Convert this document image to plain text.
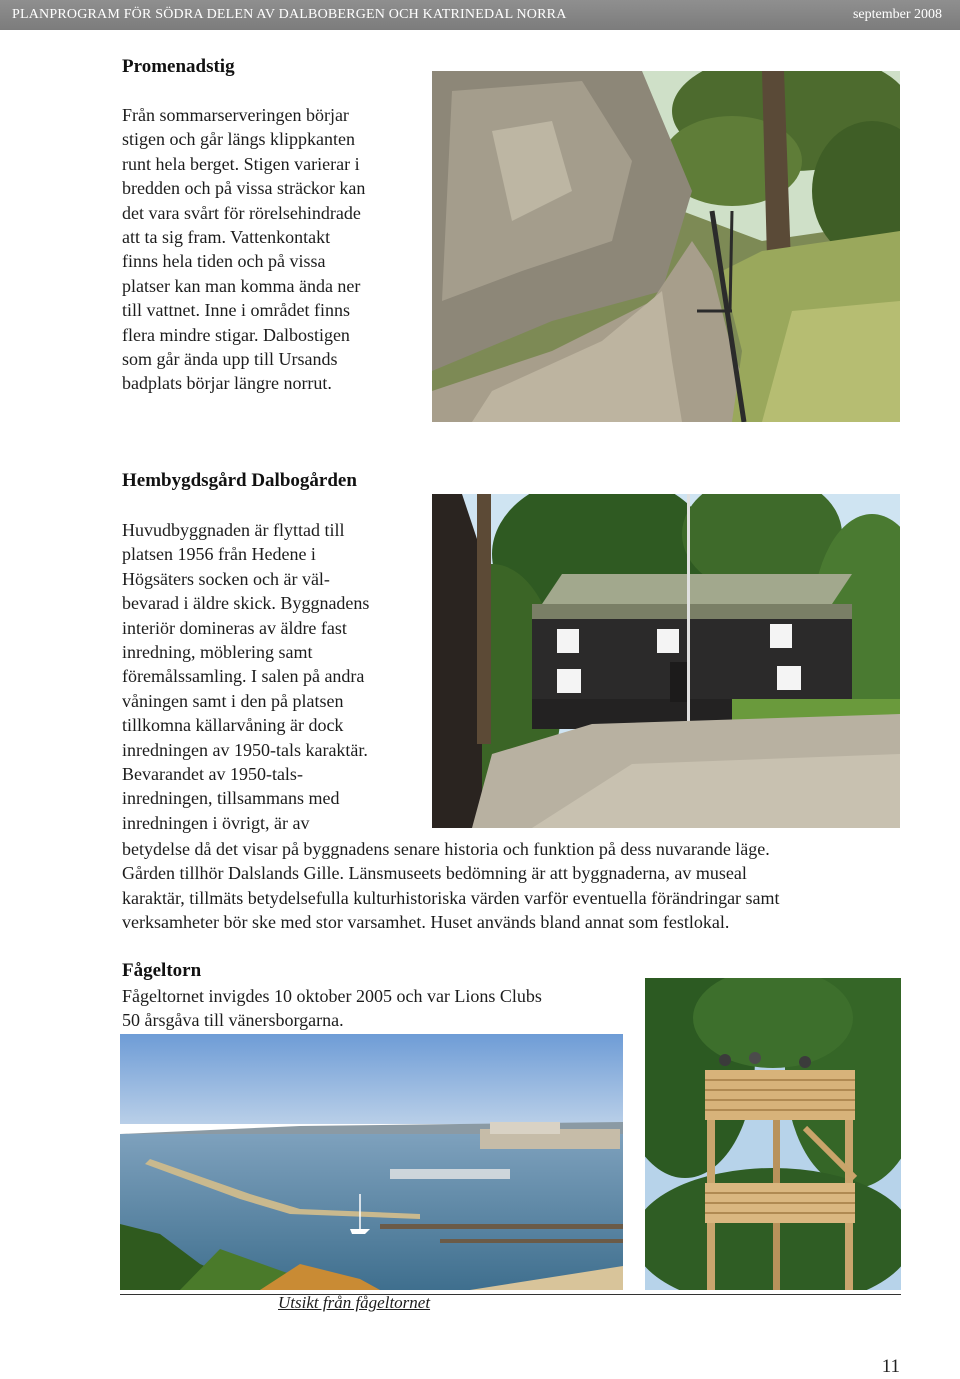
PLANPROGRAM FÖR SÖDRA DELEN AV DALBOBERGEN OCH KATRINEDAL NORRA	september 2008
Promenadstig

Från sommarserveringen börjar
stigen och går längs klippkanten
runt hela berget. Stigen varierar i
bredden och på vissa sträckor kan
det vara svårt för rörelsehindrade
att ta sig fram. Vattenkontakt
finns hela tiden och på vissa
platser kan man komma ända ner
till vattnet. Inne i området finns
flera mindre stigar. Dalbostigen
som går ända upp till Ursands
badplats börjar längre norrut.

Hembygdsgård Dalbogården

Huvudbyggnaden är flyttad till
platsen 1956 från Hedene i
Högsäters socken och är väl-
bevarad i äldre skick. Byggnadens
interiör domineras av äldre fast
inredning, möblering samt
föremålssamling. I salen på andra
våningen samt i den på platsen
tillkomna källarvåning är dock
inredningen av 1950-tals karaktär.
Bevarandet av 1950-tals-
inredningen, tillsammans med
inredningen i övrigt, är av

betydelse då det visar på byggnadens senare historia och funktion på dess nuvarande läge.
Gården tillhör Dalslands Gille. Länsmuseets bedömning är att byggnaderna, av museal
karaktär, tillmäts betydelsefulla kulturhistoriska värden varför eventuella förändringar samt
verksamheter bör ske med stor varsamhet. Huset används bland annat som festlokal.

Fågeltorn

Fågeltornet invigdes 10 oktober 2005 och var Lions Clubs
50 årsgåva till vänersborgarna.

Utsikt från fågeltornet
11
